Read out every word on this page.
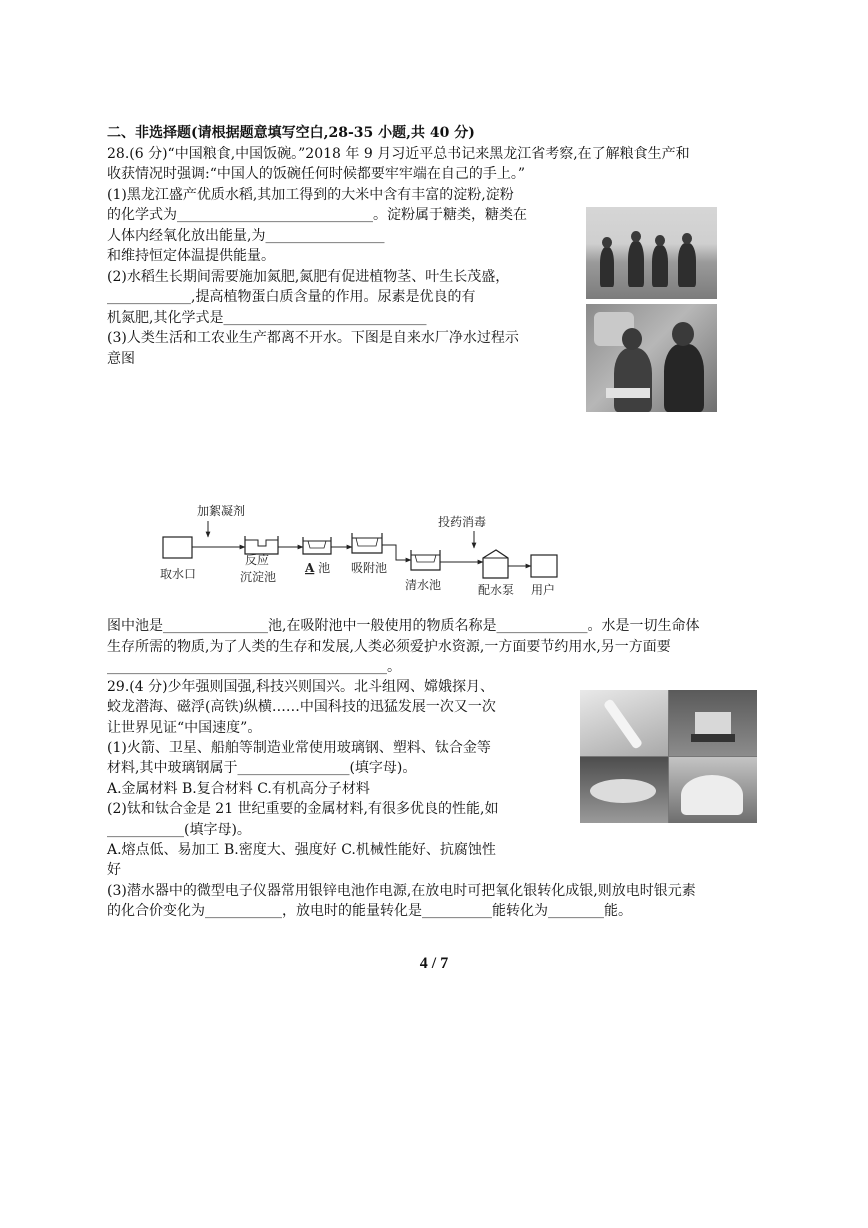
二、非选择题(请根据题意填写空白,28-35 小题,共 40 分)
28.(6 分)“中国粮食,中国饭碗。”2018 年 9 月习近平总书记来黑龙江省考察,在了解粮食生产和
收获情况时强调:“中国人的饭碗任何时候都要牢牢端在自己的手上。”
(1)黑龙江盛产优质水稻,其加工得到的大米中含有丰富的淀粉,淀粉
的化学式为____________________________。淀粉属于糖类，糖类在
人体内经氧化放出能量,为_________________
和维持恒定体温提供能量。
(2)水稻生长期间需要施加氮肥,氮肥有促进植物茎、叶生长茂盛，
____________,提高植物蛋白质含量的作用。尿素是优良的有
机氮肥,其化学式是_____________________________
(3)人类生活和工农业生产都离不开水。下图是自来水厂净水过程示
意图
加絮凝剂
取水口
反应
沉淀池
A 池 吸附池
清水池
投药消毒
配水泵 用户
图中池是_______________池,在吸附池中一般使用的物质名称是_____________。水是一切生命体
生存所需的物质,为了人类的生存和发展,人类必须爱护水资源,一方面要节约用水,另一方面要
________________________________________。
29.(4 分)少年强则国强,科技兴则国兴。北斗组网、嫦娥探月、
蛟龙潜海、磁浮(高铁)纵横……中国科技的迅猛发展一次又一次
让世界见证“中国速度”。
(1)火箭、卫星、船舶等制造业常使用玻璃钢、塑料、钛合金等
材料,其中玻璃钢属于________________(填字母)。
A.金属材料 B.复合材料 C.有机高分子材料
(2)钛和钛合金是 21 世纪重要的金属材料,有很多优良的性能,如
___________(填字母)。
A.熔点低、易加工 B.密度大、强度好 C.机械性能好、抗腐蚀性
好
(3)潜水器中的微型电子仪器常用银锌电池作电源,在放电时可把氧化银转化成银,则放电时银元素
的化合价变化为___________，放电时的能量转化是__________能转化为________能。
4 / 7
